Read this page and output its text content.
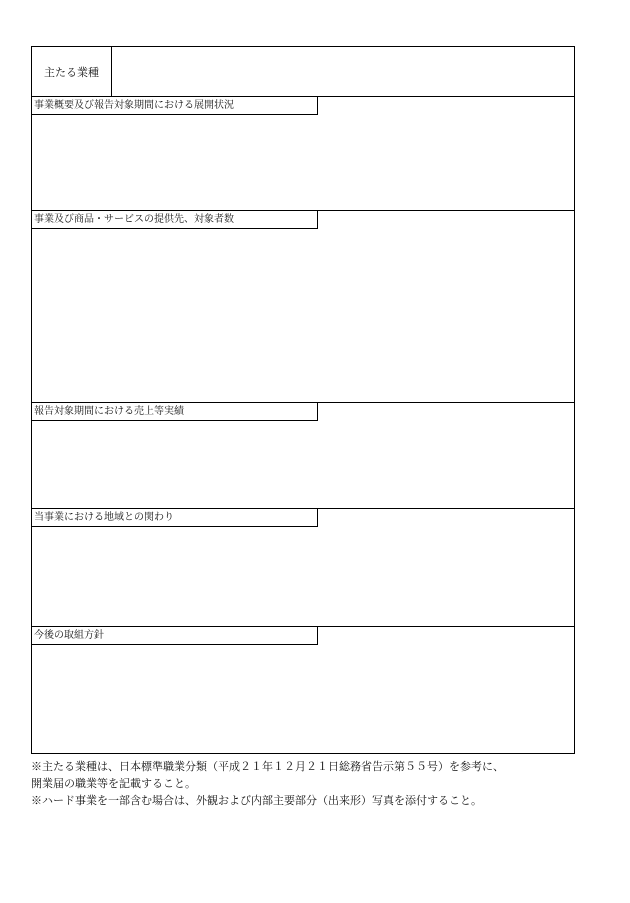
主たる業種
事業概要及び報告対象期間における展開状況
事業及び商品・サービスの提供先、対象者数
報告対象期間における売上等実績
当事業における地域との関わり
今後の取組方針

※主たる業種は、日本標準職業分類（平成２１年１２月２１日総務省告示第５５号）を参考に、

開業届の職業等を記載すること。

※ハード事業を一部含む場合は、外観および内部主要部分（出来形）写真を添付すること。
